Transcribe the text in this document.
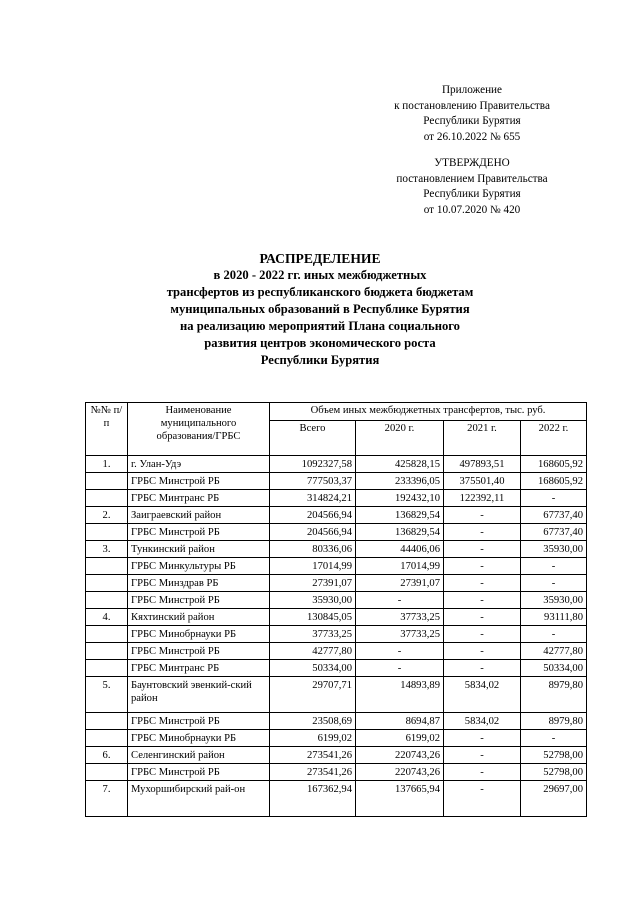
Приложение
к постановлению Правительства
Республики Бурятия
от 26.10.2022 № 655
УТВЕРЖДЕНО
постановлением Правительства
Республики Бурятия
от 10.07.2020 № 420
РАСПРЕДЕЛЕНИЕ
в 2020 - 2022 гг. иных межбюджетных
трансфертов из республиканского бюджета бюджетам
муниципальных образований в Республике Бурятия
на реализацию мероприятий Плана социального
развития центров экономического роста
Республики Бурятия
№№ п/п	Наименование муниципального образования/ГРБС	Объем иных межбюджетных трансфертов, тыс. руб.			
		Всего	2020 г.	2021 г.	2022 г.
1.	г. Улан-Удэ	1092327,58	425828,15	497893,51	168605,92
	ГРБС Минстрой РБ	777503,37	233396,05	375501,40	168605,92
	ГРБС Минтранс РБ	314824,21	192432,10	122392,11	-
2.	Заиграевский район	204566,94	136829,54	-	67737,40
	ГРБС Минстрой РБ	204566,94	136829,54	-	67737,40
3.	Тункинский район	80336,06	44406,06	-	35930,00
	ГРБС Минкультуры РБ	17014,99	17014,99	-	-
	ГРБС Минздрав РБ	27391,07	27391,07	-	-
	ГРБС Минстрой РБ	35930,00	-	-	35930,00
4.	Кяхтинский район	130845,05	37733,25	-	93111,80
	ГРБС Минобрнауки РБ	37733,25	37733,25	-	-
	ГРБС Минстрой РБ	42777,80	-	-	42777,80
	ГРБС Минтранс РБ	50334,00	-	-	50334,00
5.	Баунтовский эвенкий-ский район	29707,71	14893,89	5834,02	8979,80
	ГРБС Минстрой РБ	23508,69	8694,87	5834,02	8979,80
	ГРБС Минобрнауки РБ	6199,02	6199,02	-	-
6.	Селенгинский район	273541,26	220743,26	-	52798,00
	ГРБС Минстрой РБ	273541,26	220743,26	-	52798,00
7.	Мухоршибирский рай-он	167362,94	137665,94	-	29697,00
